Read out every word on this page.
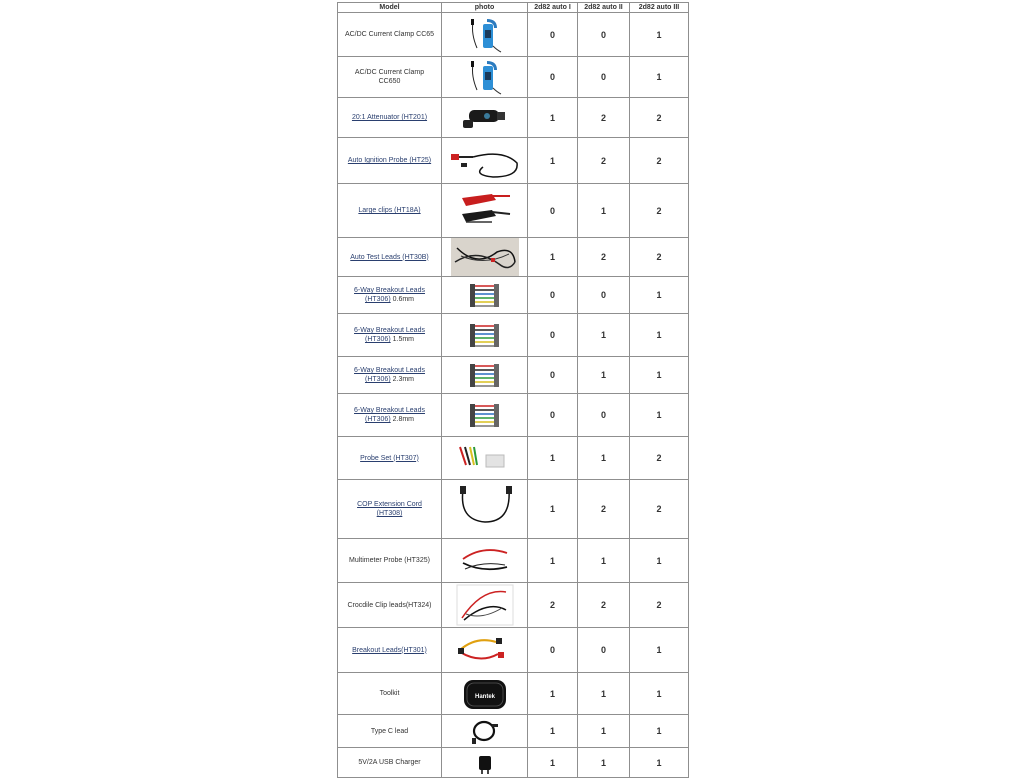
Model	photo	2d82 auto I	2d82 auto II	2d82 auto III
AC/DC Current Clamp CC65		0	0	1
AC/DC Current Clamp CC650		0	0	1
20:1 Attenuator (HT201)		1	2	2
Auto Ignition Probe (HT25)		1	2	2
Large clips (HT18A)		0	1	2
Auto Test Leads (HT30B)		1	2	2
6-Way Breakout Leads (HT306) 0.6mm		0	0	1
6-Way Breakout Leads (HT306) 1.5mm		0	1	1
6-Way Breakout Leads (HT306) 2.3mm		0	1	1
6-Way Breakout Leads (HT306) 2.8mm		0	0	1
Probe Set (HT307)		1	1	2
COP Extension Cord (HT308)		1	2	2
Multimeter Probe (HT325)		1	1	1
Crocdile Clip leads(HT324)		2	2	2
Breakout Leads(HT301)		0	0	1
Toolkit	Hantek	1	1	1
Type C lead		1	1	1
5V/2A USB Charger		1	1	1
